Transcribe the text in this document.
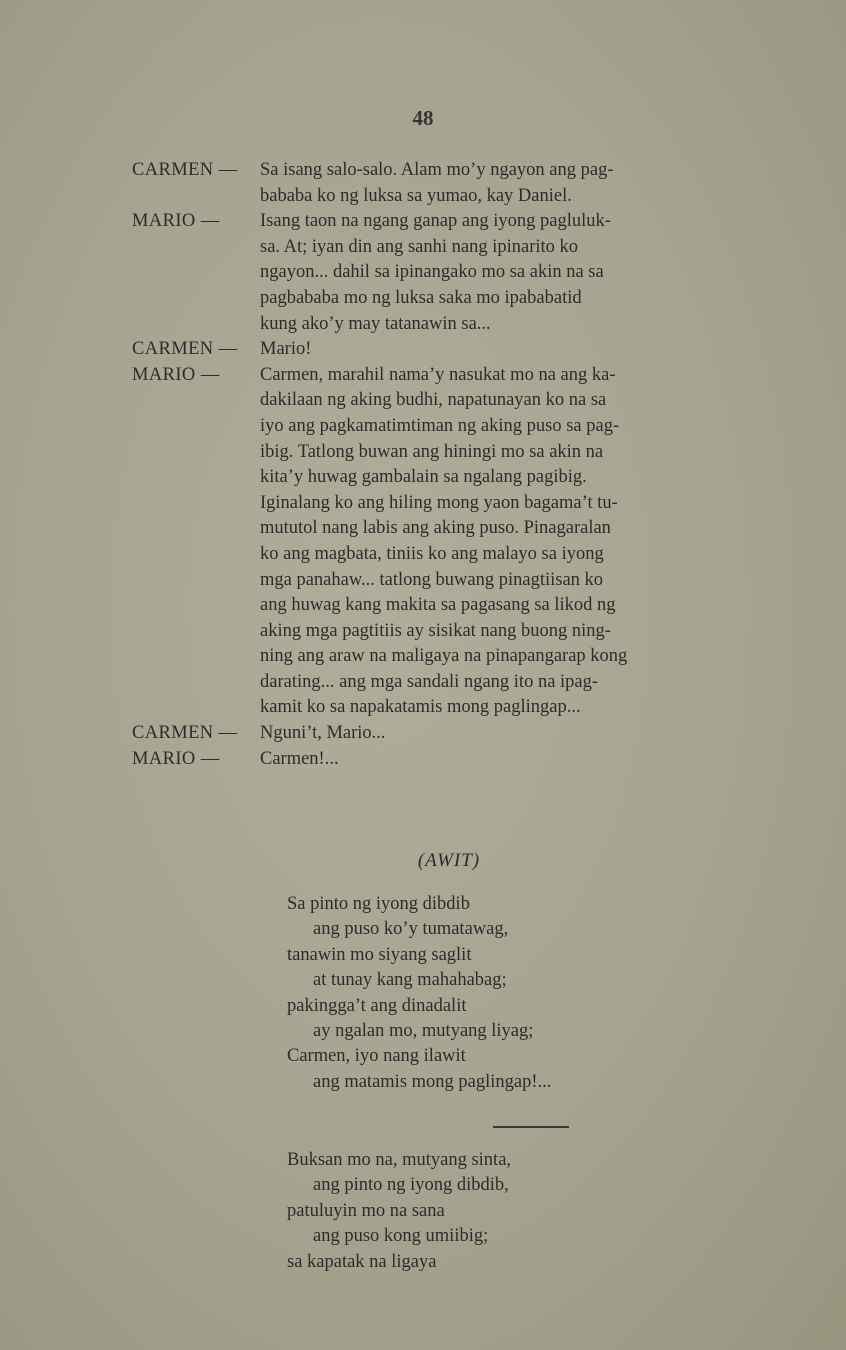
48
CARMEN —	Sa isang salo-salo. Alam mo’y ngayon ang pag-
bababa ko ng luksa sa yumao, kay Daniel.
MARIO —	Isang taon na ngang ganap ang iyong pagluluk-
sa. At; iyan din ang sanhi nang ipinarito ko
ngayon... dahil sa ipinangako mo sa akin na sa
pagbababa mo ng luksa saka mo ipababatid
kung ako’y may tatanawin sa...
CARMEN —	Mario!
MARIO —	Carmen, marahil nama’y nasukat mo na ang ka-
dakilaan ng aking budhi, napatunayan ko na sa
iyo ang pagkamatimtiman ng aking puso sa pag-
ibig. Tatlong buwan ang hiningi mo sa akin na
kita’y huwag gambalain sa ngalang pagibig.
Iginalang ko ang hiling mong yaon bagama’t tu-
mututol nang labis ang aking puso. Pinagaralan
ko ang magbata, tiniis ko ang malayo sa iyong
mga panahaw... tatlong buwang pinagtiisan ko
ang huwag kang makita sa pagasang sa likod ng
aking mga pagtitiis ay sisikat nang buong ning-
ning ang araw na maligaya na pinapangarap kong
darating... ang mga sandali ngang ito na ipag-
kamit ko sa napakatamis mong paglingap...
CARMEN —	Nguni’t, Mario...
MARIO —	Carmen!...
(AWIT)
Sa pinto ng iyong dibdib
ang puso ko’y tumatawag,
tanawin mo siyang saglit
at tunay kang mahahabag;
pakingga’t ang dinadalit
ay ngalan mo, mutyang liyag;
Carmen, iyo nang ilawit
ang matamis mong paglingap!...
Buksan mo na, mutyang sinta,
ang pinto ng iyong dibdib,
patuluyin mo na sana
ang puso kong umiibig;
sa kapatak na ligaya
